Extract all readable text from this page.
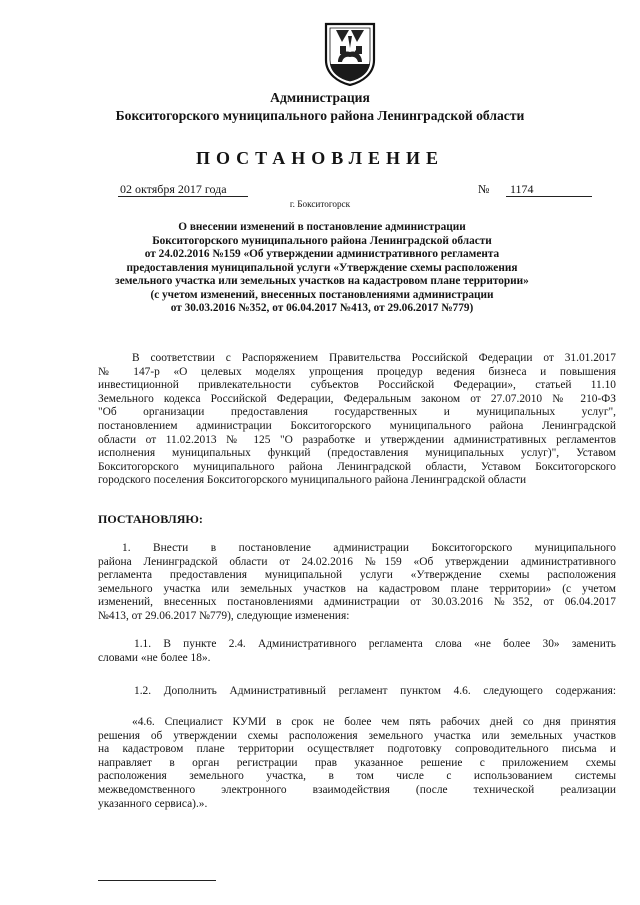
Администрация
Бокситогорского муниципального района Ленинградской области
ПОСТАНОВЛЕНИЕ
02 октября 2017 года	№	1174
г. Бокситогорск
О внесении изменений в постановление администрации
Бокситогорского муниципального района Ленинградской области
от 24.02.2016 №159 «Об утверждении административного регламента
предоставления муниципальной услуги «Утверждение схемы расположения
земельного участка или земельных участков на кадастровом плане территории»
(с учетом изменений, внесенных постановлениями администрации
от 30.03.2016 №352, от 06.04.2017 №413, от 29.06.2017 №779)
В соответствии с Распоряжением Правительства Российской Федерации от 31.01.2017
№ 147-р «О целевых моделях упрощения процедур ведения бизнеса и повышения
инвестиционной привлекательности субъектов Российской Федерации», статьей 11.10
Земельного кодекса Российской Федерации, Федеральным законом от 27.07.2010 № 210-ФЗ
"Об организации предоставления государственных и муниципальных услуг",
постановлением администрации Бокситогорского муниципального района Ленинградской
области от 11.02.2013 № 125 "О разработке и утверждении административных регламентов
исполнения муниципальных функций (предоставления муниципальных услуг)", Уставом
Бокситогорского муниципального района Ленинградской области, Уставом Бокситогорского
городского поселения Бокситогорского муниципального района Ленинградской области
ПОСТАНОВЛЯЮ:
1. Внести в постановление администрации Бокситогорского муниципального
района Ленинградской области от 24.02.2016 №159 «Об утверждении административного
регламента предоставления муниципальной услуги «Утверждение схемы расположения
земельного участка или земельных участков на кадастровом плане территории» (с учетом
изменений, внесенных постановлениями администрации от 30.03.2016 №352, от 06.04.2017
№413, от 29.06.2017 №779), следующие изменения:
1.1. В пункте 2.4. Административного регламента слова «не более 30» заменить
словами «не более 18».
1.2. Дополнить Административный регламент пунктом 4.6. следующего содержания:
«4.6. Специалист КУМИ в срок не более чем пять рабочих дней со дня принятия
решения об утверждении схемы расположения земельного участка или земельных участков
на кадастровом плане территории осуществляет подготовку сопроводительного письма и
направляет в орган регистрации прав указанное решение с приложением схемы
расположения земельного участка, в том числе с использованием системы
межведомственного электронного взаимодействия (после технической реализации
указанного сервиса).».
